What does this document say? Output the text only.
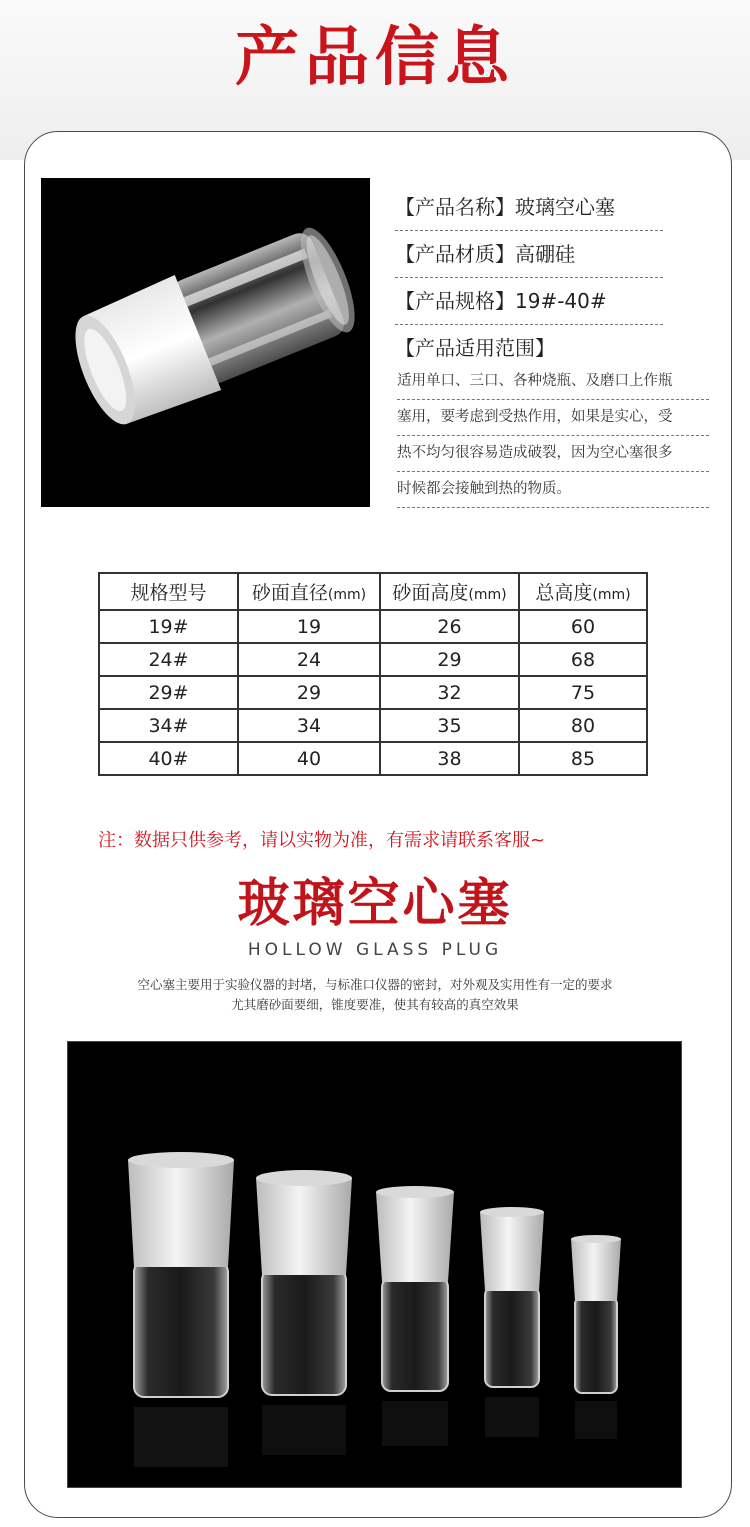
产品信息
【产品名称】玻璃空心塞
【产品材质】高硼硅
【产品规格】19#-40#
【产品适用范围】
适用单口、三口、各种烧瓶、及磨口上作瓶
塞用，要考虑到受热作用，如果是实心，受
热不均匀很容易造成破裂，因为空心塞很多
时候都会接触到热的物质。
规格型号	砂面直径(mm)	砂面高度(mm)	总高度(mm)
19#	19	26	60
24#	24	29	68
29#	29	32	75
34#	34	35	80
40#	40	38	85
注：数据只供参考，请以实物为准，有需求请联系客服~
玻璃空心塞
HOLLOW GLASS PLUG
空心塞主要用于实验仪器的封堵，与标准口仪器的密封，对外观及实用性有一定的要求
尤其磨砂面要细，锥度要准，使其有较高的真空效果
